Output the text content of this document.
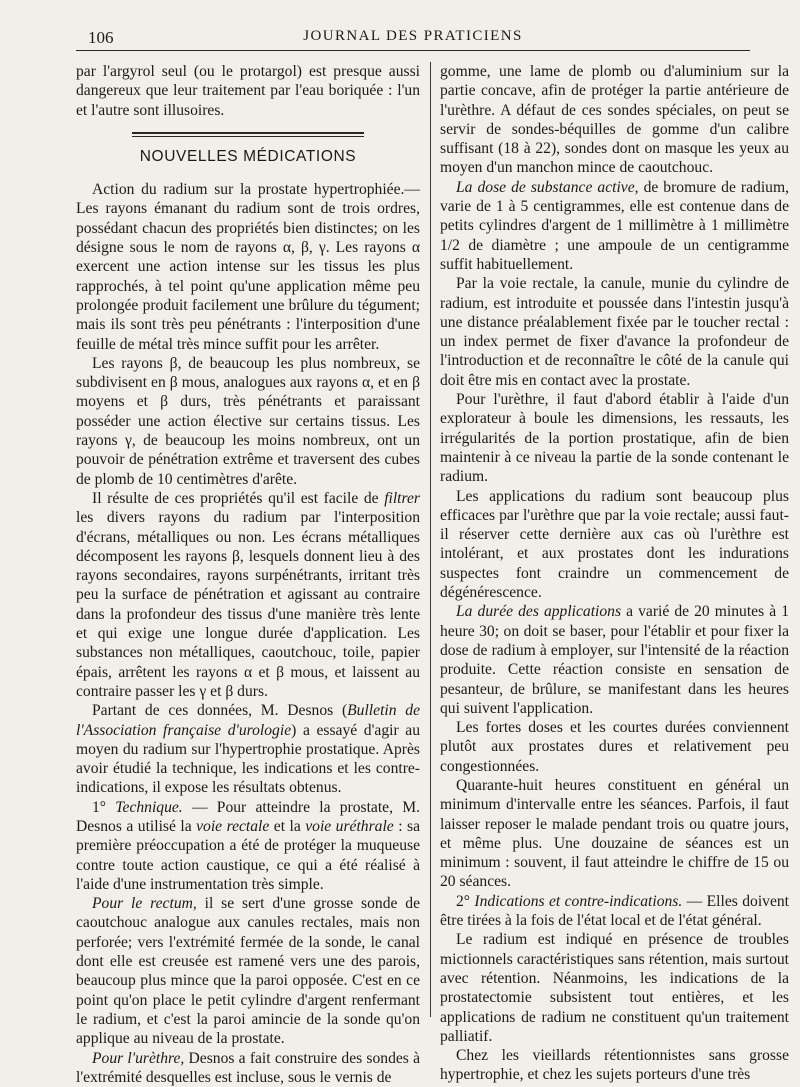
106	JOURNAL DES PRATICIENS

par l'argyrol seul (ou le protargol) est presque aussi dangereux que leur traitement par l'eau boriquée : l'un et l'autre sont illusoires.

NOUVELLES MÉDICATIONS

Action du radium sur la prostate hypertrophiée.— Les rayons émanant du radium sont de trois ordres, possédant chacun des propriétés bien distinctes; on les désigne sous le nom de rayons α, β, γ. Les rayons α exercent une action intense sur les tissus les plus rapprochés, à tel point qu'une application même peu prolongée produit facilement une brûlure du tégument; mais ils sont très peu pénétrants : l'interposition d'une feuille de métal très mince suffit pour les arrêter.

Les rayons β, de beaucoup les plus nombreux, se subdivisent en β mous, analogues aux rayons α, et en β moyens et β durs, très pénétrants et paraissant posséder une action élective sur certains tissus. Les rayons γ, de beaucoup les moins nombreux, ont un pouvoir de pénétration extrême et traversent des cubes de plomb de 10 centimètres d'arête.

Il résulte de ces propriétés qu'il est facile de filtrer les divers rayons du radium par l'interposition d'écrans, métalliques ou non. Les écrans métalliques décomposent les rayons β, lesquels donnent lieu à des rayons secondaires, rayons surpénétrants, irritant très peu la surface de pénétration et agissant au contraire dans la profondeur des tissus d'une manière très lente et qui exige une longue durée d'application. Les substances non métalliques, caoutchouc, toile, papier épais, arrêtent les rayons α et β mous, et laissent au contraire passer les γ et β durs.

Partant de ces données, M. Desnos (Bulletin de l'Association française d'urologie) a essayé d'agir au moyen du radium sur l'hypertrophie prostatique. Après avoir étudié la technique, les indications et les contre-indications, il expose les résultats obtenus.

1° Technique. — Pour atteindre la prostate, M. Desnos a utilisé la voie rectale et la voie uréthrale : sa première préoccupation a été de protéger la muqueuse contre toute action caustique, ce qui a été réalisé à l'aide d'une instrumentation très simple.

Pour le rectum, il se sert d'une grosse sonde de caoutchouc analogue aux canules rectales, mais non perforée; vers l'extrémité fermée de la sonde, le canal dont elle est creusée est ramené vers une des parois, beaucoup plus mince que la paroi opposée. C'est en ce point qu'on place le petit cylindre d'argent renfermant le radium, et c'est la paroi amincie de la sonde qu'on applique au niveau de la prostate.

Pour l'urèthre, Desnos a fait construire des sondes à l'extrémité desquelles est incluse, sous le vernis de

gomme, une lame de plomb ou d'aluminium sur la partie concave, afin de protéger la partie antérieure de l'urèthre. A défaut de ces sondes spéciales, on peut se servir de sondes-béquilles de gomme d'un calibre suffisant (18 à 22), sondes dont on masque les yeux au moyen d'un manchon mince de caoutchouc.

La dose de substance active, de bromure de radium, varie de 1 à 5 centigrammes, elle est contenue dans de petits cylindres d'argent de 1 millimètre à 1 millimètre 1/2 de diamètre ; une ampoule de un centigramme suffit habituellement.

Par la voie rectale, la canule, munie du cylindre de radium, est introduite et poussée dans l'intestin jusqu'à une distance préalablement fixée par le toucher rectal : un index permet de fixer d'avance la profondeur de l'introduction et de reconnaître le côté de la canule qui doit être mis en contact avec la prostate.

Pour l'urèthre, il faut d'abord établir à l'aide d'un explorateur à boule les dimensions, les ressauts, les irrégularités de la portion prostatique, afin de bien maintenir à ce niveau la partie de la sonde contenant le radium.

Les applications du radium sont beaucoup plus efficaces par l'urèthre que par la voie rectale; aussi faut-il réserver cette dernière aux cas où l'urèthre est intolérant, et aux prostates dont les indurations suspectes font craindre un commencement de dégénérescence.

La durée des applications a varié de 20 minutes à 1 heure 30; on doit se baser, pour l'établir et pour fixer la dose de radium à employer, sur l'intensité de la réaction produite. Cette réaction consiste en sensation de pesanteur, de brûlure, se manifestant dans les heures qui suivent l'application.

Les fortes doses et les courtes durées conviennent plutôt aux prostates dures et relativement peu congestionnées.

Quarante-huit heures constituent en général un minimum d'intervalle entre les séances. Parfois, il faut laisser reposer le malade pendant trois ou quatre jours, et même plus. Une douzaine de séances est un minimum : souvent, il faut atteindre le chiffre de 15 ou 20 séances.

2° Indications et contre-indications. — Elles doivent être tirées à la fois de l'état local et de l'état général.

Le radium est indiqué en présence de troubles mictionnels caractéristiques sans rétention, mais surtout avec rétention. Néanmoins, les indications de la prostatectomie subsistent tout entières, et les applications de radium ne constituent qu'un traitement palliatif.

Chez les vieillards rétentionnistes sans grosse hypertrophie, et chez les sujets porteurs d'une très
